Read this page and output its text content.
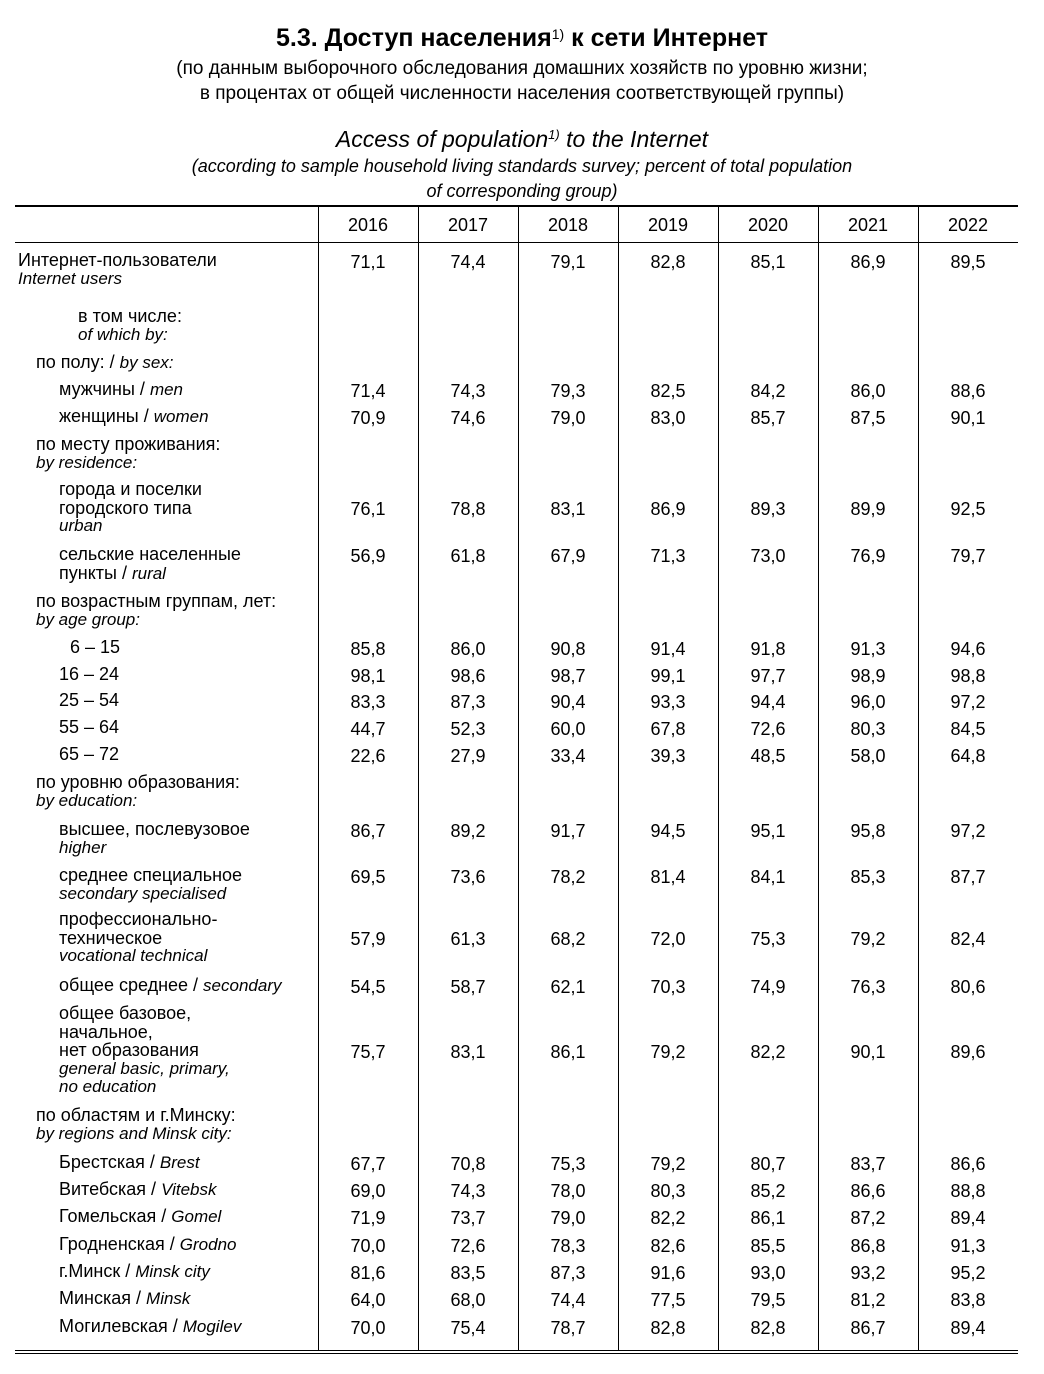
5.3. Доступ населения$^{1)}$ к сети Интернет
(по данным выборочного обследования домашних хозяйств по уровню жизни;
в процентах от общей численности населения соответствующей группы)
Access of population$^{1)}$ to the Internet
(according to sample household living standards survey; percent of total population
of corresponding group)
2016	2017	2018	2019	2020	2021	2022
Интернет-пользователи
Internet users
71,1	74,4	79,1	82,8	85,1	86,9	89,5
в том числе:
of which by:
по полу: / by sex:
мужчины / men	71,4	74,3	79,3	82,5	84,2	86,0	88,6
женщины / women	70,9	74,6	79,0	83,0	85,7	87,5	90,1
по месту проживания:
by residence:
города и поселки
городского типа
urban
76,1	78,8	83,1	86,9	89,3	89,9	92,5
сельские населенные
пункты / rural
56,9	61,8	67,9	71,3	73,0	76,9	79,7
по возрастным группам, лет:
by age group:
6 – 15	85,8	86,0	90,8	91,4	91,8	91,3	94,6
16 – 24	98,1	98,6	98,7	99,1	97,7	98,9	98,8
25 – 54	83,3	87,3	90,4	93,3	94,4	96,0	97,2
55 – 64	44,7	52,3	60,0	67,8	72,6	80,3	84,5
65 – 72	22,6	27,9	33,4	39,3	48,5	58,0	64,8
по уровню образования:
by education:
высшее, послевузовое
higher
86,7	89,2	91,7	94,5	95,1	95,8	97,2
среднее специальное
secondary specialised
69,5	73,6	78,2	81,4	84,1	85,3	87,7
профессионально-
техническое
vocational technical
57,9	61,3	68,2	72,0	75,3	79,2	82,4
общее среднее / secondary	54,5	58,7	62,1	70,3	74,9	76,3	80,6
общее базовое,
начальное,
нет образования
general basic, primary,
no education
75,7	83,1	86,1	79,2	82,2	90,1	89,6
по областям и г.Минску:
by regions and Minsk city:
Брестская / Brest	67,7	70,8	75,3	79,2	80,7	83,7	86,6
Витебская / Vitebsk	69,0	74,3	78,0	80,3	85,2	86,6	88,8
Гомельская / Gomel	71,9	73,7	79,0	82,2	86,1	87,2	89,4
Гродненская / Grodno	70,0	72,6	78,3	82,6	85,5	86,8	91,3
г.Минск / Minsk city	81,6	83,5	87,3	91,6	93,0	93,2	95,2
Минская / Minsk	64,0	68,0	74,4	77,5	79,5	81,2	83,8
Могилевская / Mogilev	70,0	75,4	78,7	82,8	82,8	86,7	89,4
